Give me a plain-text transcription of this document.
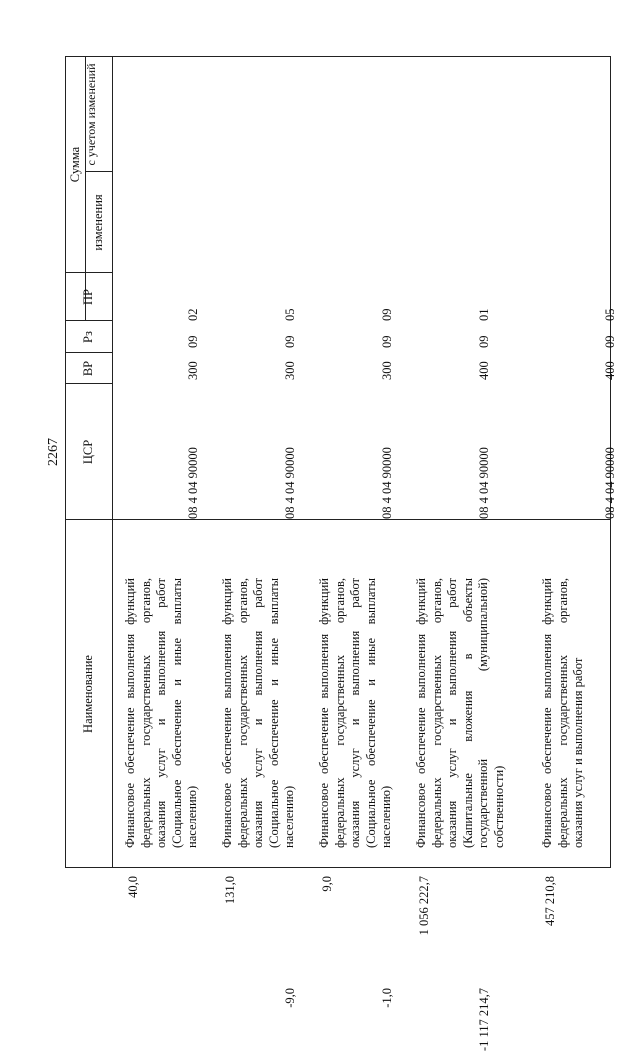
2267
Наименование
ЦСР
ВР
Рз
ПР
Сумма
изменения
с учетом изменений

Финансовое обеспечение выполнения функций федеральных государственных органов, оказания услуг и выполнения работ (Социальное обеспечение и иные выплаты населению)

08 4 04 90000
300
09
02
40,0

Финансовое обеспечение выполнения функций федеральных государственных органов, оказания услуг и выполнения работ (Социальное обеспечение и иные выплаты населению)

08 4 04 90000
300
09
05
-9,0
131,0

Финансовое обеспечение выполнения функций федеральных государственных органов, оказания услуг и выполнения работ (Социальное обеспечение и иные выплаты населению)

08 4 04 90000
300
09
09
-1,0
9,0

Финансовое обеспечение выполнения функций федеральных государственных органов, оказания услуг и выполнения работ (Капитальные вложения в объекты государственной (муниципальной) собственности)

08 4 04 90000
400
09
01
-1 117 214,7
1 056 222,7

Финансовое обеспечение выполнения функций федеральных государственных органов, оказания услуг и выполнения работ

08 4 04 90000
400
09
05
457 210,8
